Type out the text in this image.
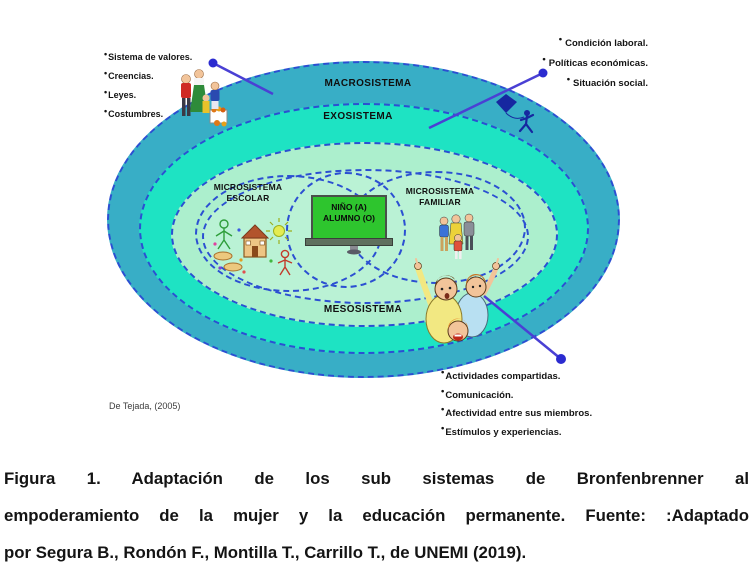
NIÑO (A)
ALUMNO (O)
MACROSISTEMA
EXOSISTEMA
MESOSISTEMA
MICROSISTEMA
ESCOLAR
MICROSISTEMA
FAMILIAR
• Sistema de valores.
• Creencias.
• Leyes.
• Costumbres.
• Condición laboral.
• Políticas económicas.
• Situación social.
• Actividades compartidas.
• Comunicación.
• Afectividad entre sus miembros.
• Estímulos y experiencias.
De Tejada, (2005)
Figura 1. Adaptación de los sub sistemas de Bronfenbrenner al
empoderamiento de la mujer y la educación permanente. Fuente: :Adaptado
por Segura B., Rondón F., Montilla T., Carrillo T., de UNEMI (2019).
